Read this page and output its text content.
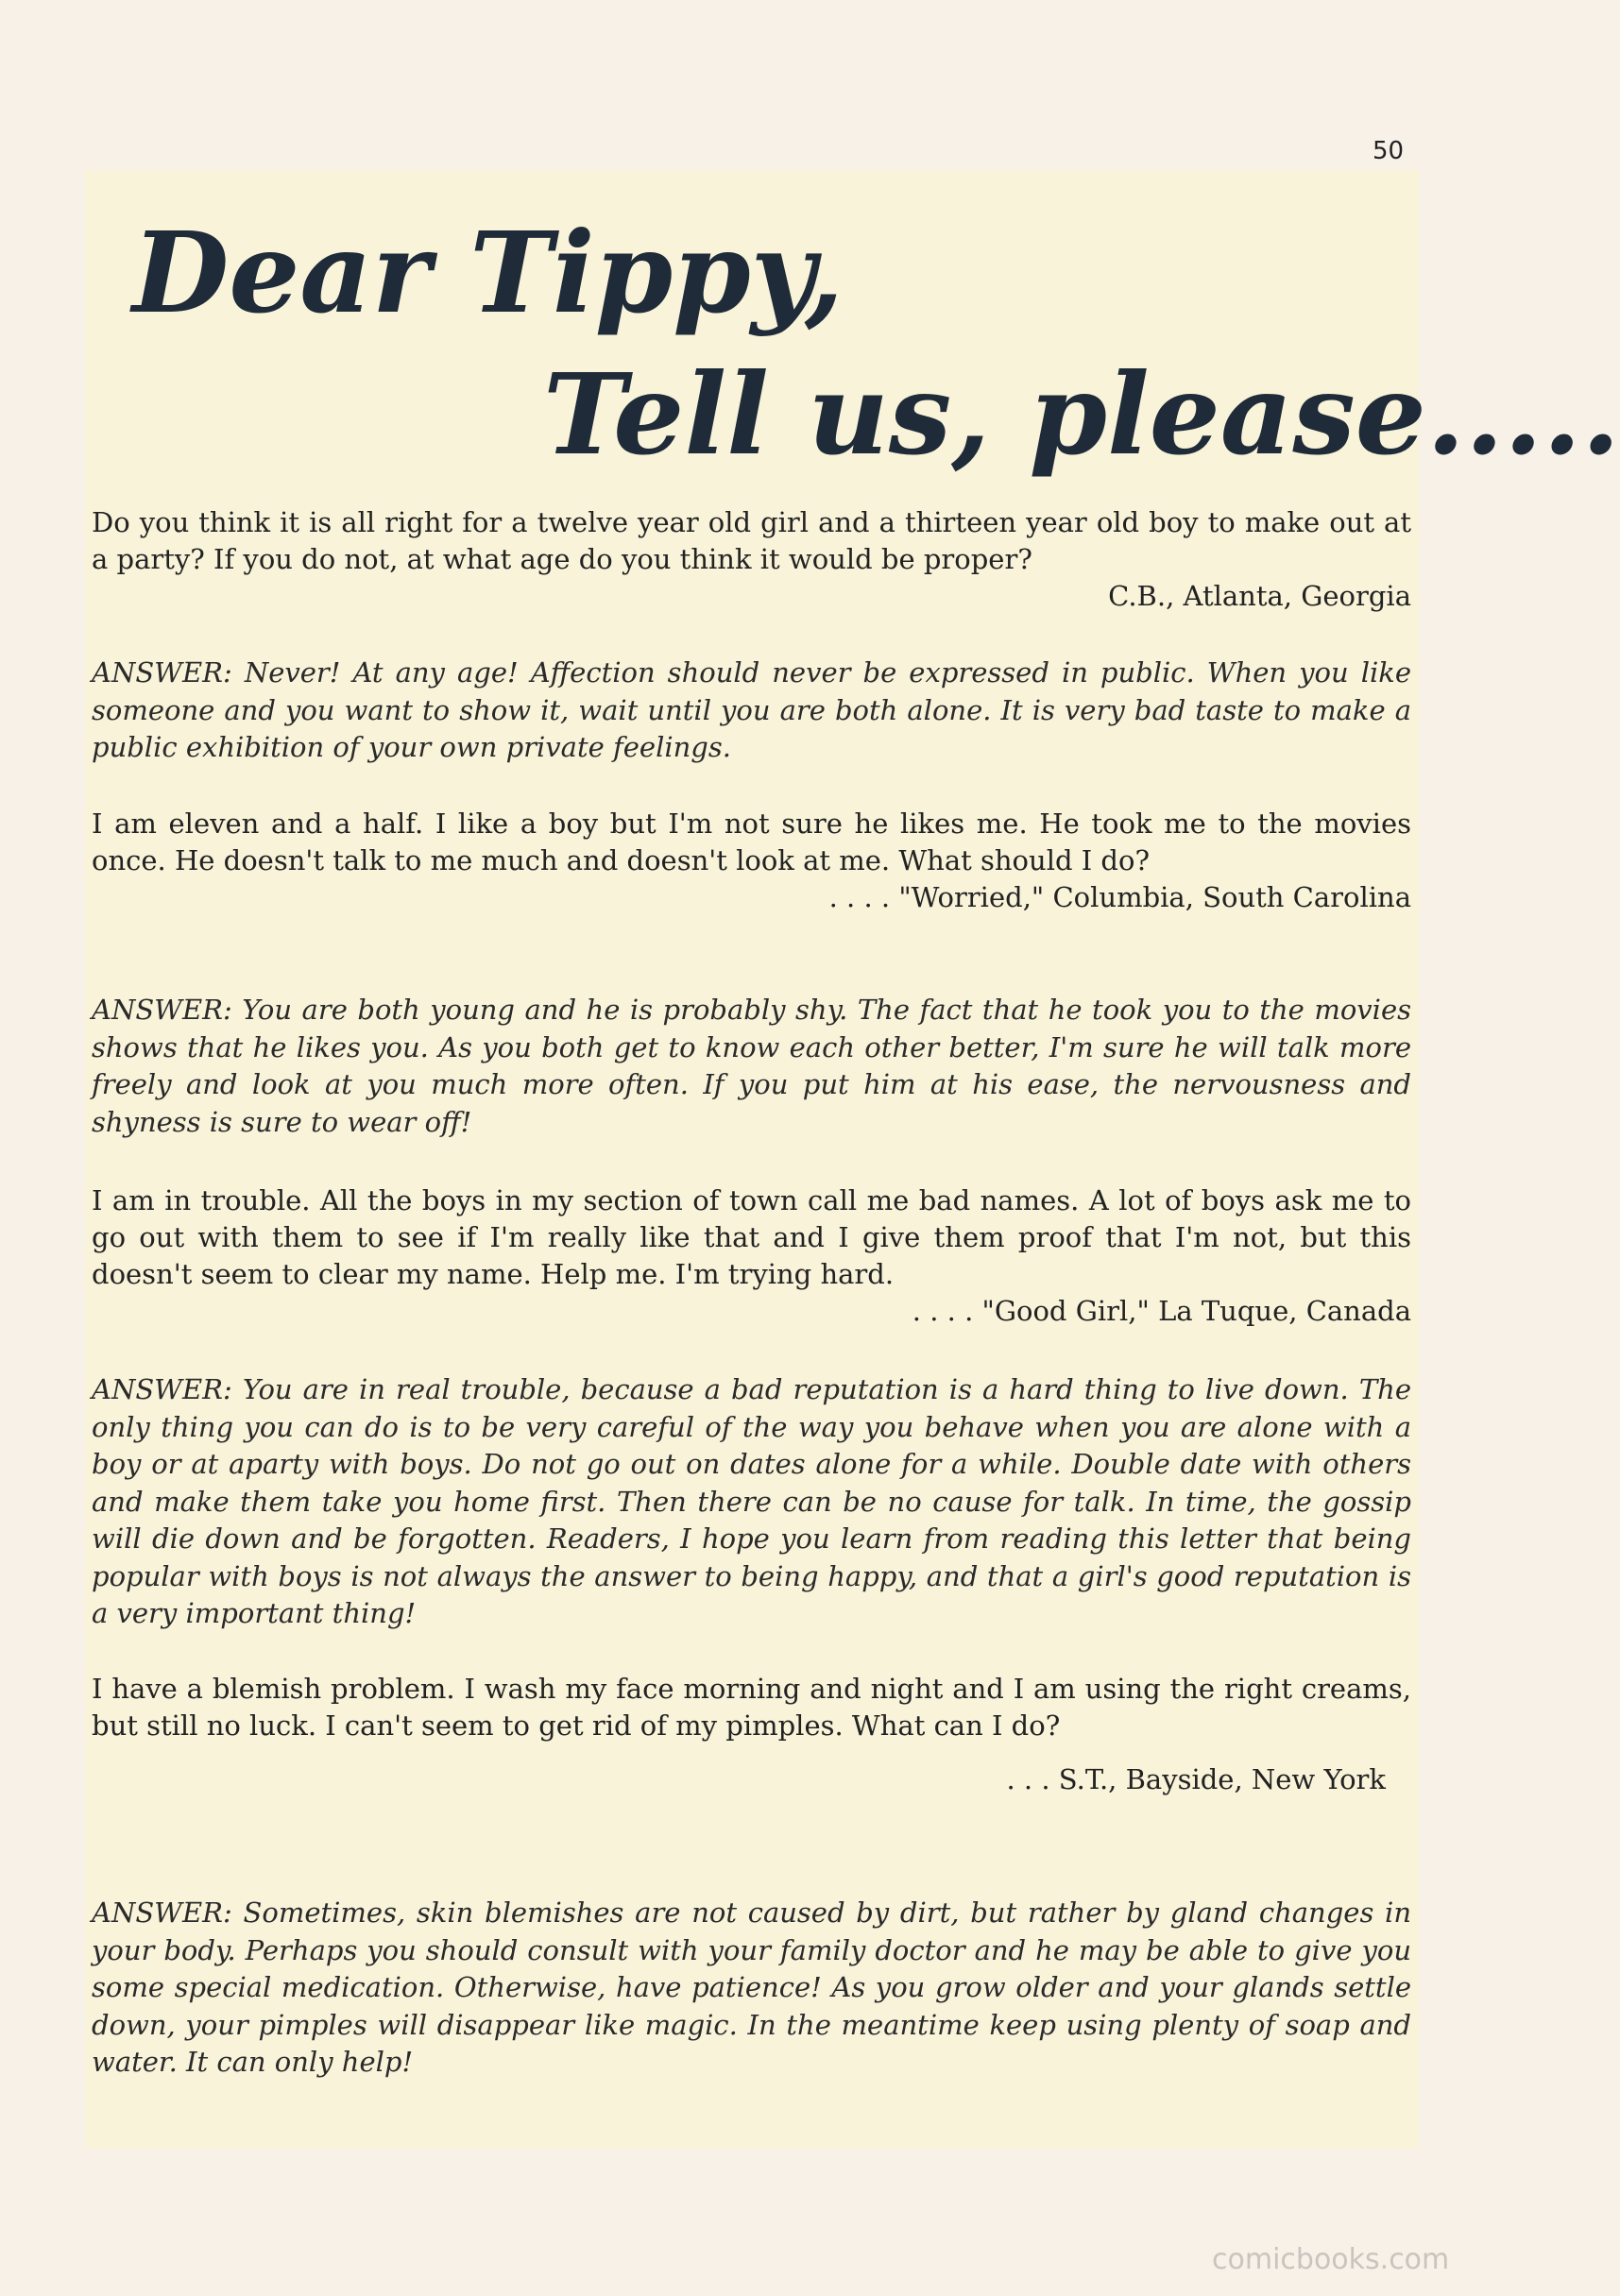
50
Dear Tippy,
Tell us, please.....

Do you think it is all right for a twelve year old girl and a thirteen year old boy to make out at a party? If you do not, at what age do you think it would be proper?

C.B., Atlanta, Georgia

ANSWER: Never! At any age! Affection should never be expressed in public. When you like someone and you want to show it, wait until you are both alone. It is very bad taste to make a public exhibition of your own private feelings.

I am eleven and a half. I like a boy but I'm not sure he likes me. He took me to the movies once. He doesn't talk to me much and doesn't look at me. What should I do?

. . . . "Worried," Columbia, South Carolina

ANSWER: You are both young and he is probably shy. The fact that he took you to the movies shows that he likes you. As you both get to know each other better, I'm sure he will talk more freely and look at you much more often. If you put him at his ease, the nervousness and shyness is sure to wear off!

I am in trouble. All the boys in my section of town call me bad names. A lot of boys ask me to go out with them to see if I'm really like that and I give them proof that I'm not, but this doesn't seem to clear my name. Help me. I'm trying hard.

. . . . "Good Girl," La Tuque, Canada

ANSWER: You are in real trouble, because a bad reputation is a hard thing to live down. The only thing you can do is to be very careful of the way you behave when you are alone with a boy or at aparty with boys. Do not go out on dates alone for a while. Double date with others and make them take you home first. Then there can be no cause for talk. In time, the gossip will die down and be forgotten. Readers, I hope you learn from reading this letter that being popular with boys is not always the answer to being happy, and that a girl's good reputation is a very important thing!

I have a blemish problem. I wash my face morning and night and I am using the right creams, but still no luck. I can't seem to get rid of my pimples. What can I do?

. . . S.T., Bayside, New York

ANSWER: Sometimes, skin blemishes are not caused by dirt, but rather by gland changes in your body. Perhaps you should consult with your family doctor and he may be able to give you some special medication. Otherwise, have patience! As you grow older and your glands settle down, your pimples will disappear like magic. In the meantime keep using plenty of soap and water. It can only help!

comicbooks.com
